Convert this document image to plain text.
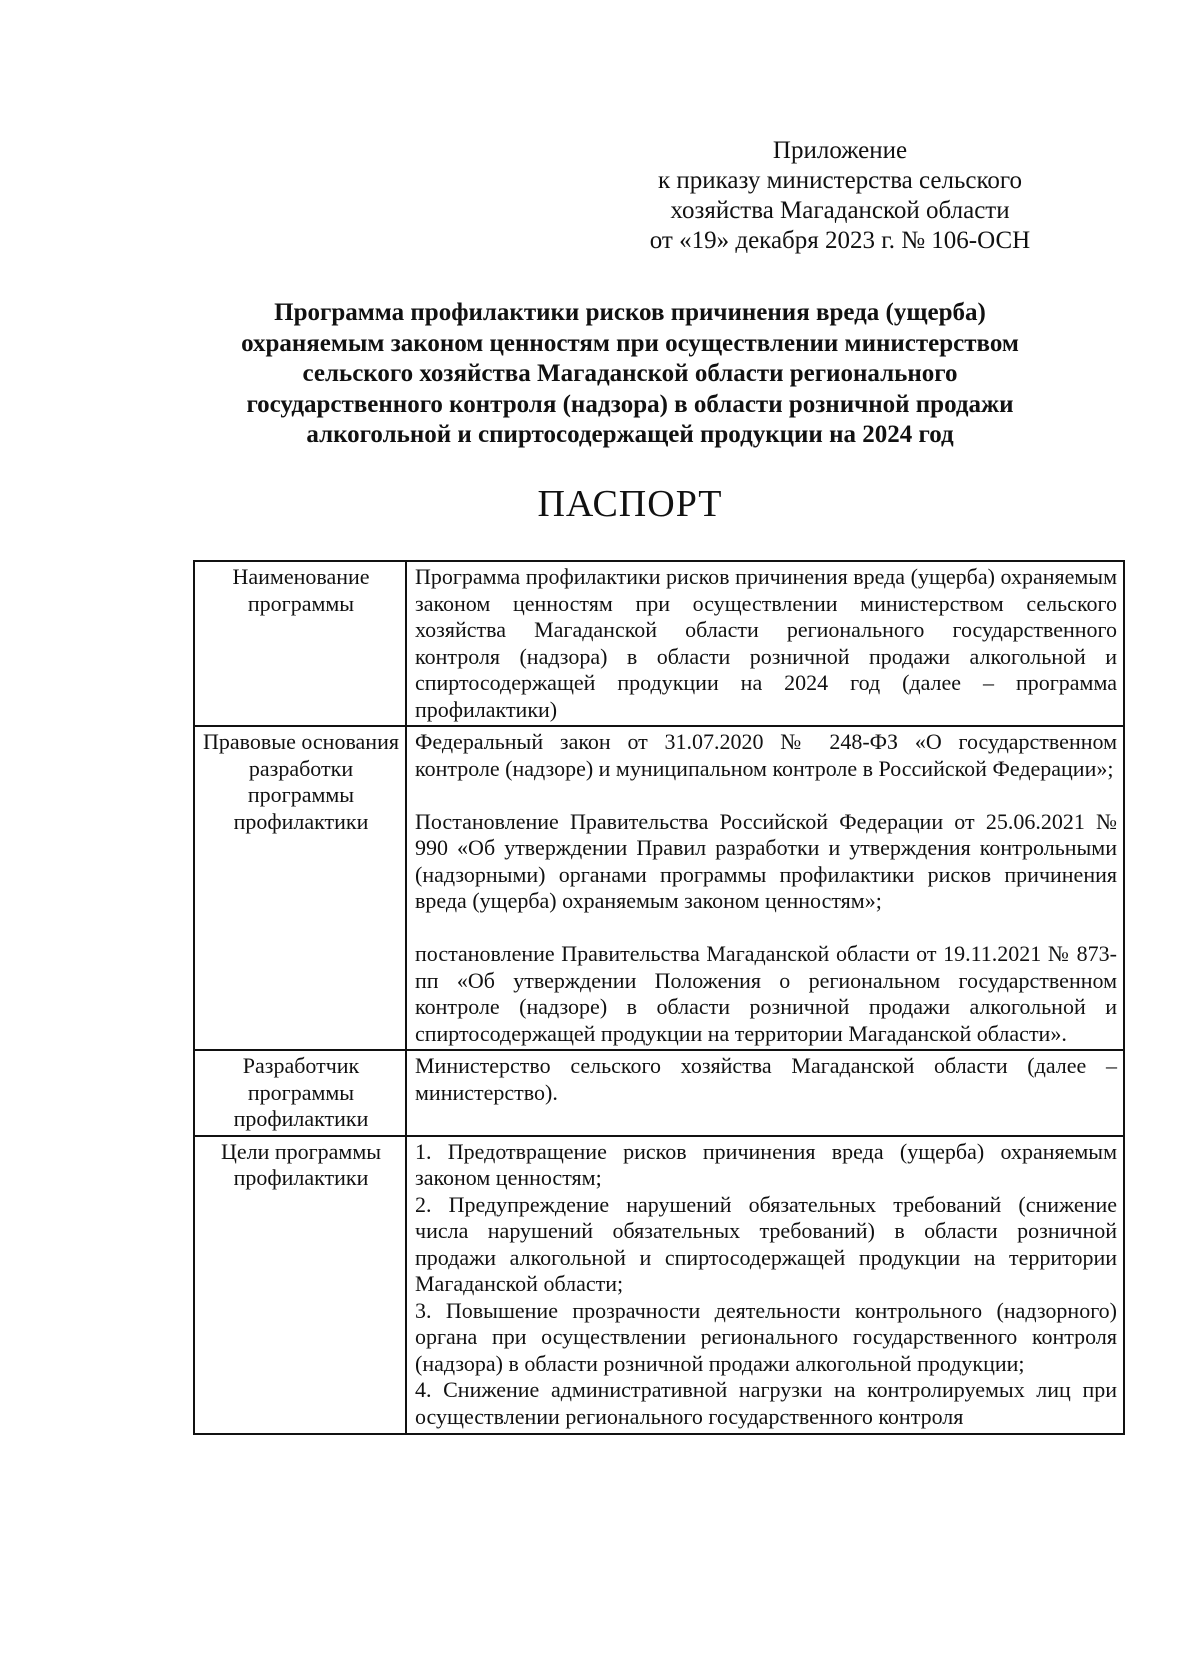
Приложение
к приказу министерства сельского
хозяйства Магаданской области
от «19» декабря 2023 г. № 106-ОСН
Программа профилактики рисков причинения вреда (ущерба)
охраняемым законом ценностям при осуществлении министерством
сельского хозяйства Магаданской области регионального
государственного контроля (надзора) в области розничной продажи
алкогольной и спиртосодержащей продукции на 2024 год
ПАСПОРТ
Наименование программы	Программа профилактики рисков причинения вреда (ущерба) охраняемым законом ценностям при осуществлении министерством сельского хозяйства Магаданской области регионального государственного контроля (надзора) в области розничной продажи алкогольной и спиртосодержащей продукции на 2024 год (далее – программа профилактики)

Правовые основания разработки программы профилактики	Федеральный закон от 31.07.2020 № 248-ФЗ «О государственном контроле (надзоре) и муниципальном контроле в Российской Федерации»;

Постановление Правительства Российской Федерации от 25.06.2021 № 990 «Об утверждении Правил разработки и утверждения контрольными (надзорными) органами программы профилактики рисков причинения вреда (ущерба) охраняемым законом ценностям»;

постановление Правительства Магаданской области от 19.11.2021 № 873-пп «Об утверждении Положения о региональном государственном контроле (надзоре) в области розничной продажи алкогольной и спиртосодержащей продукции на территории Магаданской области».

Разработчик программы профилактики	Министерство сельского хозяйства Магаданской области (далее – министерство).

Цели программы профилактики	1. Предотвращение рисков причинения вреда (ущерба) охраняемым законом ценностям;

2. Предупреждение нарушений обязательных требований (снижение числа нарушений обязательных требований) в области розничной продажи алкогольной и спиртосодержащей продукции на территории Магаданской области;

3. Повышение прозрачности деятельности контрольного (надзорного) органа при осуществлении регионального государственного контроля (надзора) в области розничной продажи алкогольной продукции;

4. Снижение административной нагрузки на контролируемых лиц при осуществлении регионального государственного контроля
